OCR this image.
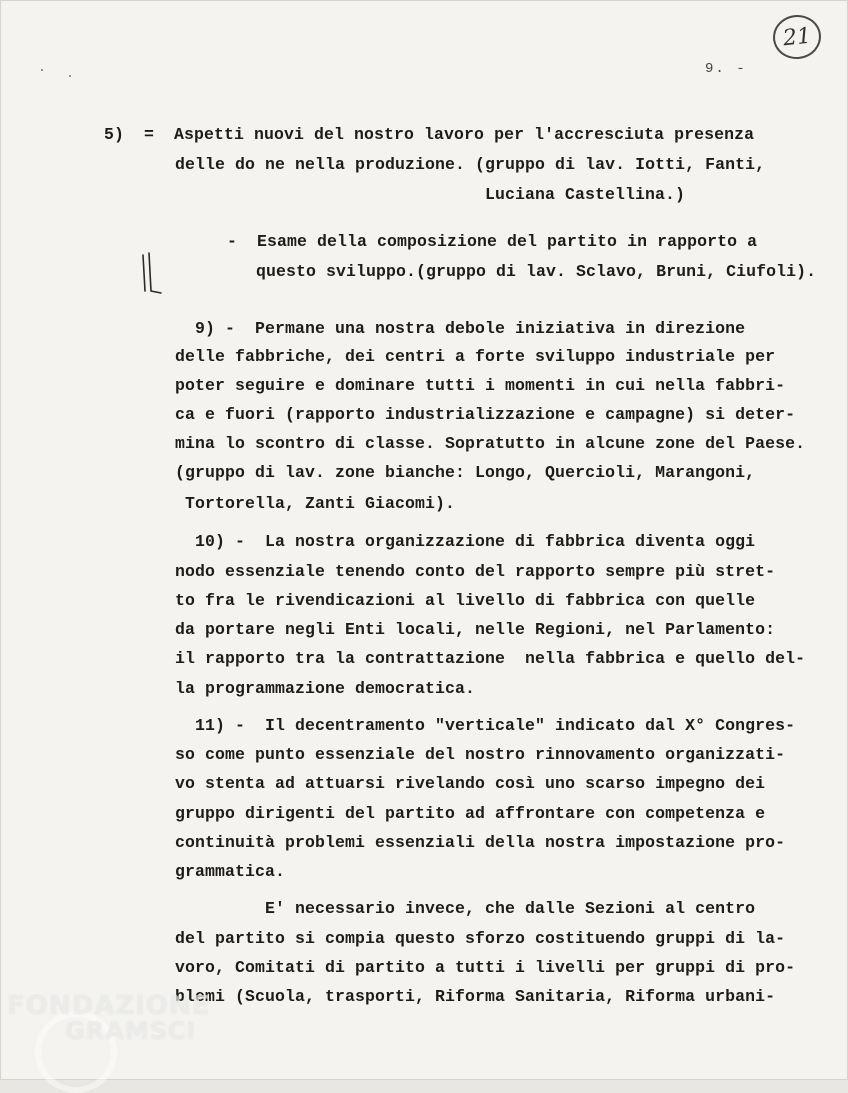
21
9. -
5)  =  Aspetti nuovi del nostro lavoro per l'accresciuta presenza
delle do ne nella produzione. (gruppo di lav. Iotti, Fanti,
Luciana Castellina.)
-  Esame della composizione del partito in rapporto a
questo sviluppo.(gruppo di lav. Sclavo, Bruni, Ciufoli).
9) -  Permane una nostra debole iniziativa in direzione
delle fabbriche, dei centri a forte sviluppo industriale per
poter seguire e dominare tutti i momenti in cui nella fabbri-
ca e fuori (rapporto industrializzazione e campagne) si deter-
mina lo scontro di classe. Sopratutto in alcune zone del Paese.
(gruppo di lav. zone bianche: Longo, Quercioli, Marangoni,
Tortorella, Zanti Giacomi).
10) -  La nostra organizzazione di fabbrica diventa oggi
nodo essenziale tenendo conto del rapporto sempre più stret-
to fra le rivendicazioni al livello di fabbrica con quelle
da portare negli Enti locali, nelle Regioni, nel Parlamento:
il rapporto tra la contrattazione  nella fabbrica e quello del-
la programmazione democratica.
11) -  Il decentramento "verticale" indicato dal X° Congres-
so come punto essenziale del nostro rinnovamento organizzati-
vo stenta ad attuarsi rivelando così uno scarso impegno dei
gruppo dirigenti del partito ad affrontare con competenza e
continuità problemi essenziali della nostra impostazione pro-
grammatica.
E' necessario invece, che dalle Sezioni al centro
del partito si compia questo sforzo costituendo gruppi di la-
voro, Comitati di partito a tutti i livelli per gruppi di pro-
blemi (Scuola, trasporti, Riforma Sanitaria, Riforma urbani-
FONDAZIONE
GRAMSCI
